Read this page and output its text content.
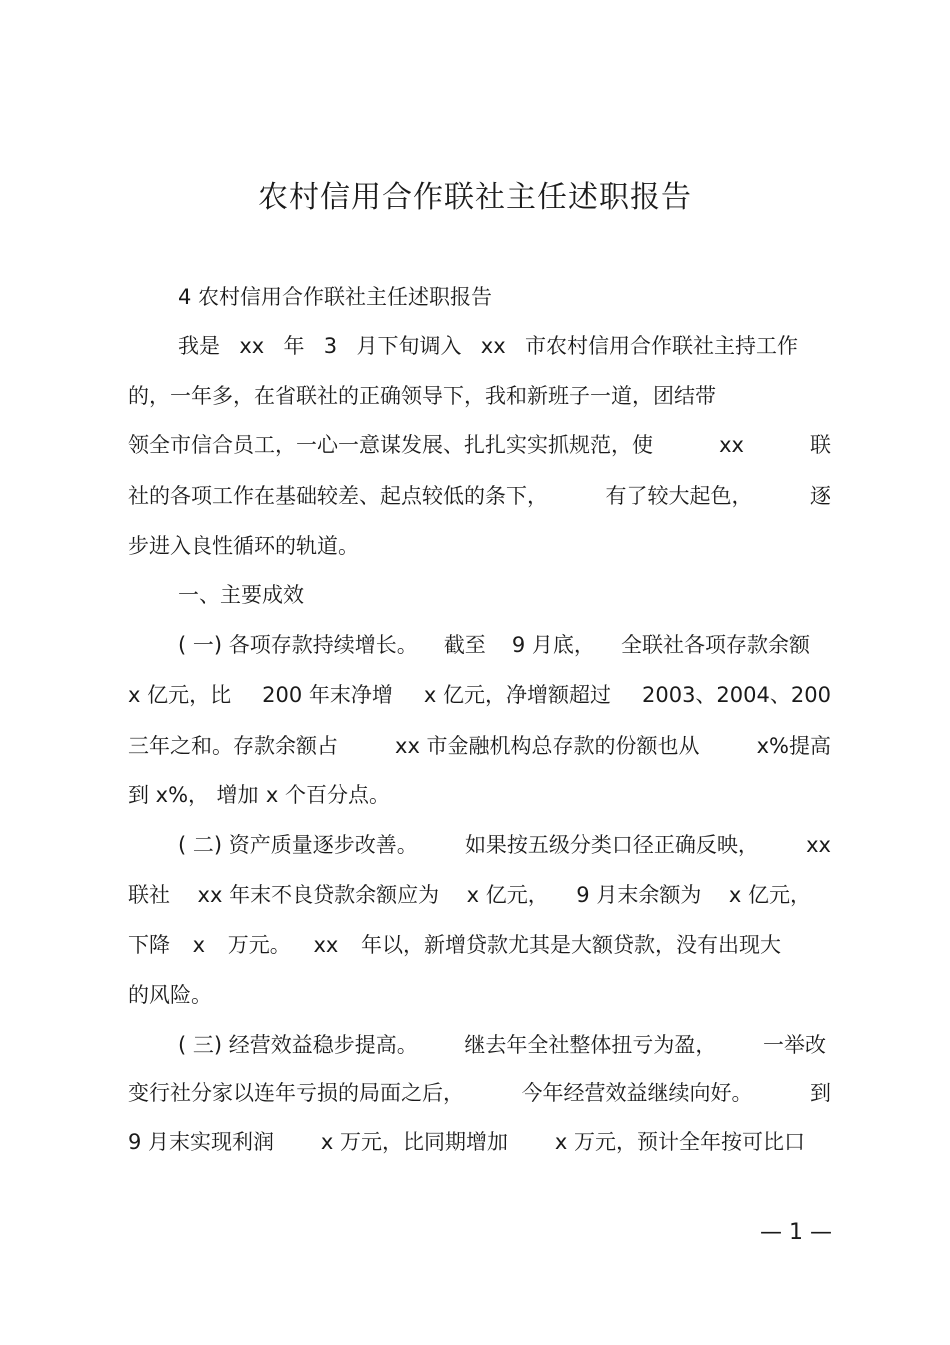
农村信用合作联社主任述职报告
4 农村信用合作联社主任述职报告
我是 xx 年 3 月下旬调入 xx 市农村信用合作联社主持工作
的，一年多，在省联社的正确领导下，我和新班子一道，团结带
领全市信合员工，一心一意谋发展、扎扎实实抓规范，使	xx	联
社的各项工作在基础较差、起点较低的条下，	有了较大起色，	逐
步进入良性循环的轨道。
一、主要成效
( 一) 各项存款持续增长。 截至 9 月底， 全联社各项存款余额
x 亿元，比 200 年末净增 x 亿元，净增额超过 2003、2004、200
三年之和。存款余额占	xx 市金融机构总存款的份额也从	x%提高
到 x%， 增加 x 个百分点。
( 二) 资产质量逐步改善。 如果按五级分类口径正确反映， xx
联社 xx 年末不良贷款余额应为 x 亿元， 9 月末余额为 x 亿元，
下降 x 万元。 xx 年以，新增贷款尤其是大额贷款，没有出现大
的风险。
( 三) 经营效益稳步提高。 继去年全社整体扭亏为盈， 一举改
变行社分家以连年亏损的局面之后，	今年经营效益继续向好。	到
9 月末实现利润 x 万元，比同期增加 x 万元，预计全年按可比口
— 1 —
